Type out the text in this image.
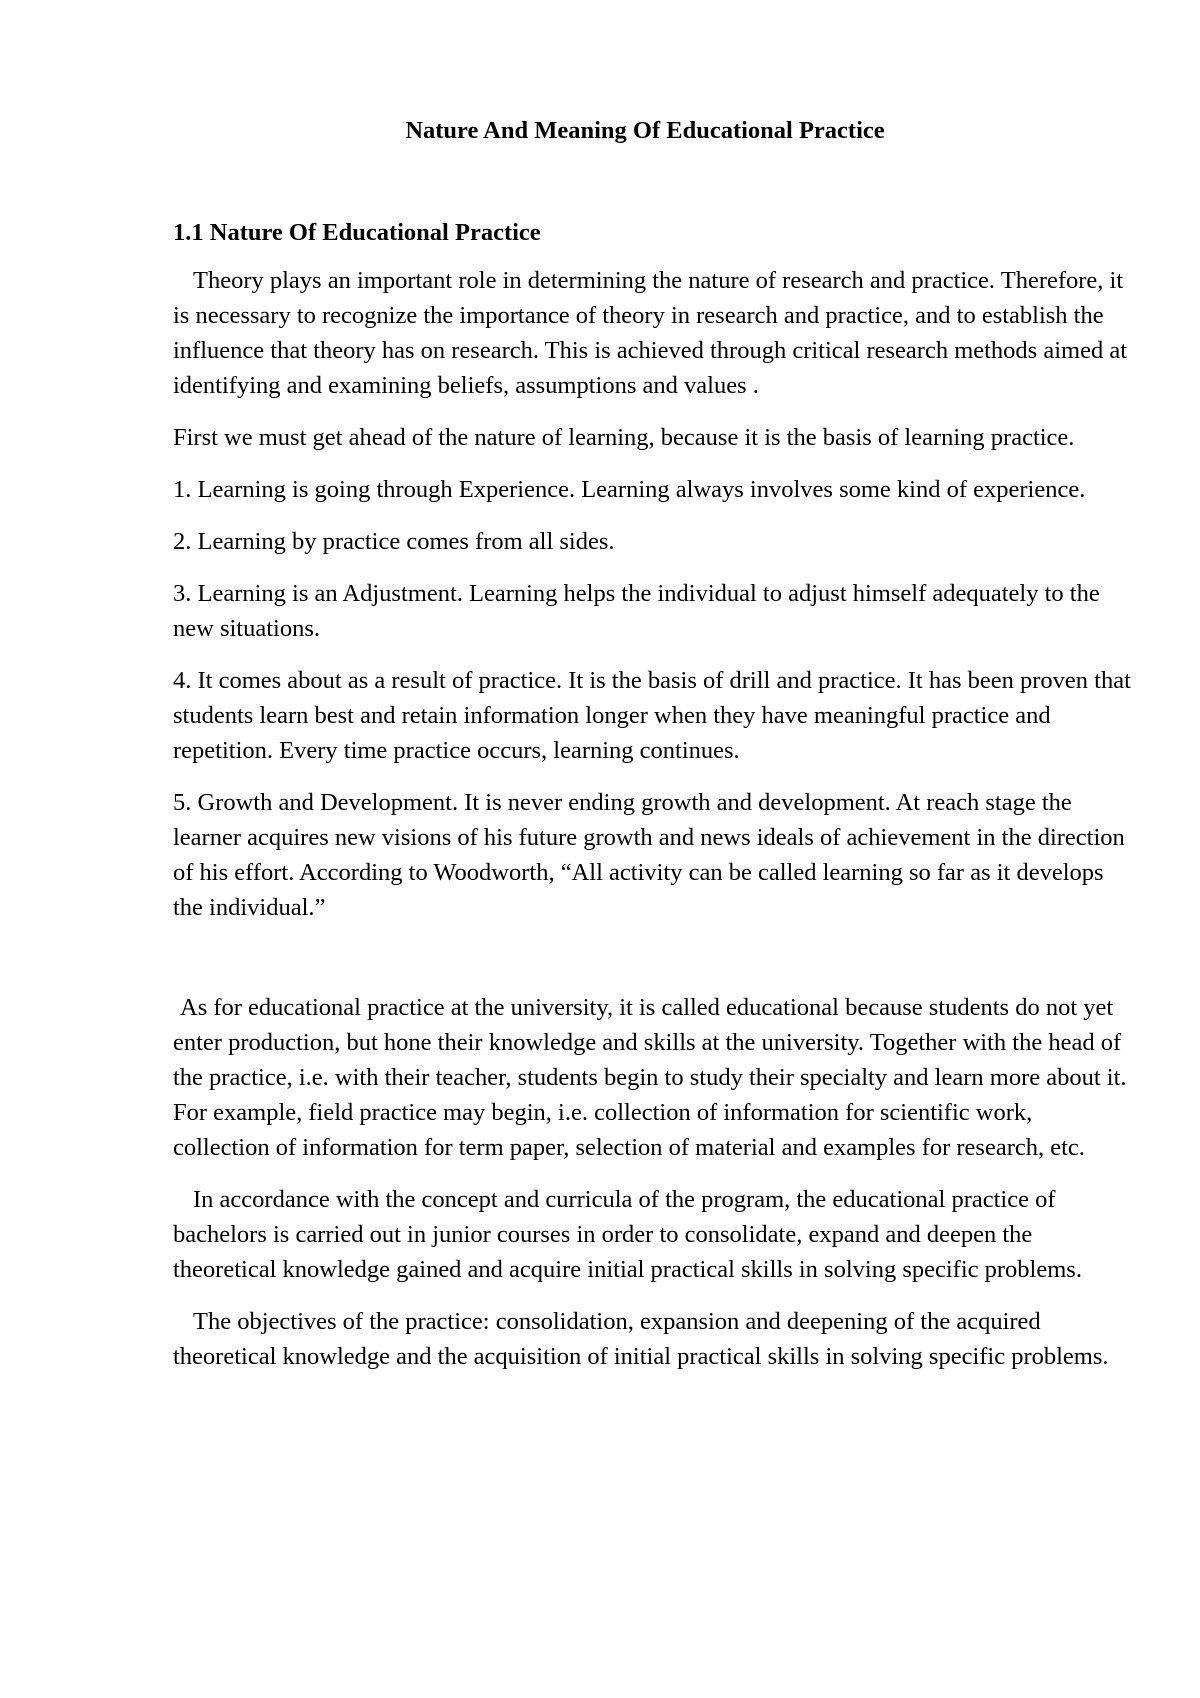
Nature And Meaning Of Educational Practice
1.1 Nature Of Educational Practice

Theory plays an important role in determining the nature of research and practice. Therefore, it is necessary to recognize the importance of theory in research and practice, and to establish the influence that theory has on research. This is achieved through critical research methods aimed at identifying and examining beliefs, assumptions and values .

First we must get ahead of the nature of learning, because it is the basis of learning practice.

1. Learning is going through Experience. Learning always involves some kind of experience.

2. Learning by practice comes from all sides.

3. Learning is an Adjustment. Learning helps the individual to adjust himself adequately to the new situations.

4. It comes about as a result of practice. It is the basis of drill and practice. It has been proven that students learn best and retain information longer when they have meaningful practice and repetition. Every time practice occurs, learning continues.

5. Growth and Development. It is never ending growth and development. At reach stage the learner acquires new visions of his future growth and news ideals of achievement in the direction of his effort. According to Woodworth, “All activity can be called learning so far as it develops the individual.”

As for educational practice at the university, it is called educational because students do not yet enter production, but hone their knowledge and skills at the university. Together with the head of the practice, i.e. with their teacher, students begin to study their specialty and learn more about it. For example, field practice may begin, i.e. collection of information for scientific work, collection of information for term paper, selection of material and examples for research, etc.

In accordance with the concept and curricula of the program, the educational practice of bachelors is carried out in junior courses in order to consolidate, expand and deepen the theoretical knowledge gained and acquire initial practical skills in solving specific problems.

The objectives of the practice: consolidation, expansion and deepening of the acquired theoretical knowledge and the acquisition of initial practical skills in solving specific problems.
